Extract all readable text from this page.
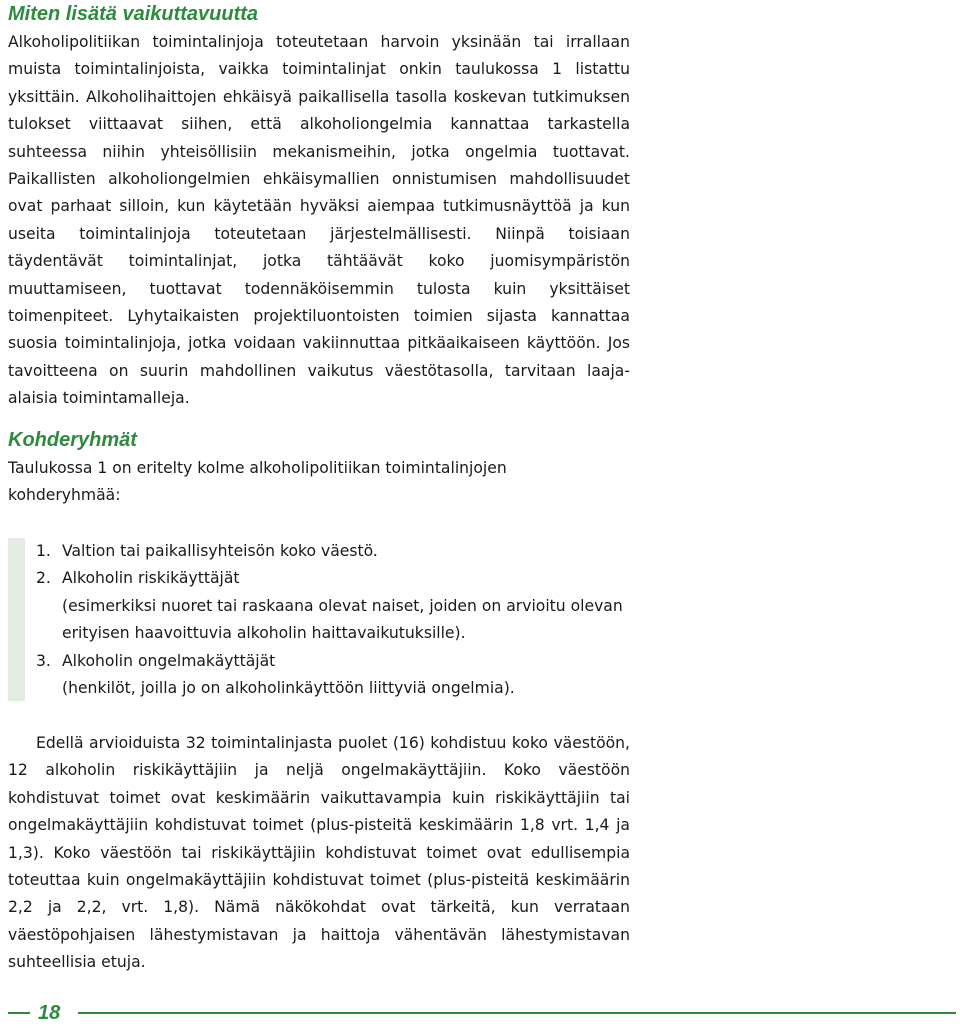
Miten lisätä vaikuttavuutta

Alkoholipolitiikan toimintalinjoja toteutetaan harvoin yksinään tai irrallaan muista toimintalinjoista, vaikka toimintalinjat onkin taulukossa 1 listattu yksittäin. Alkoholihaittojen ehkäisyä paikallisella tasolla koskevan tutkimuksen tulokset viittaavat siihen, että alkoholiongelmia kannattaa tarkastella suhteessa niihin yhteisöllisiin mekanismeihin, jotka ongelmia tuottavat. Paikallisten alkoholiongelmien ehkäisymallien onnistumisen mahdollisuudet ovat parhaat silloin, kun käytetään hyväksi aiempaa tutkimusnäyttöä ja kun useita toimintalinjoja toteutetaan järjestelmällisesti. Niinpä toisiaan täydentävät toimintalinjat, jotka tähtäävät koko juomisympäristön muuttamiseen, tuottavat todennäköisemmin tulosta kuin yksittäiset toimenpiteet. Lyhytaikaisten projektiluontoisten toimien sijasta kannattaa suosia toimintalinjoja, jotka voidaan vakiinnuttaa pitkäaikaiseen käyttöön. Jos tavoitteena on suurin mahdollinen vaikutus väestötasolla, tarvitaan laaja-alaisia toimintamalleja.

Kohderyhmät

Taulukossa 1 on eritelty kolme alkoholipolitiikan toimintalinjojen kohderyhmää:

1. Valtion tai paikallisyhteisön koko väestö.
2. Alkoholin riskikäyttäjät
(esimerkiksi nuoret tai raskaana olevat naiset, joiden on arvioitu olevan erityisen haavoittuvia alkoholin haittavaikutuksille).
3. Alkoholin ongelmakäyttäjät
(henkilöt, joilla jo on alkoholinkäyttöön liittyviä ongelmia).

Edellä arvioiduista 32 toimintalinjasta puolet (16) kohdistuu koko väestöön, 12 alkoholin riskikäyttäjiin ja neljä ongelmakäyttäjiin. Koko väestöön kohdistuvat toimet ovat keskimäärin vaikuttavampia kuin riskikäyttäjiin tai ongelmakäyttäjiin kohdistuvat toimet (plus-pisteitä keskimäärin 1,8 vrt. 1,4 ja 1,3). Koko väestöön tai riskikäyttäjiin kohdistuvat toimet ovat edullisempia toteuttaa kuin ongelmakäyttäjiin kohdistuvat toimet (plus-pisteitä keskimäärin 2,2 ja 2,2, vrt. 1,8). Nämä näkökohdat ovat tärkeitä, kun verrataan väestöpohjaisen lähestymistavan ja haittoja vähentävän lähestymistavan suhteellisia etuja.

18
